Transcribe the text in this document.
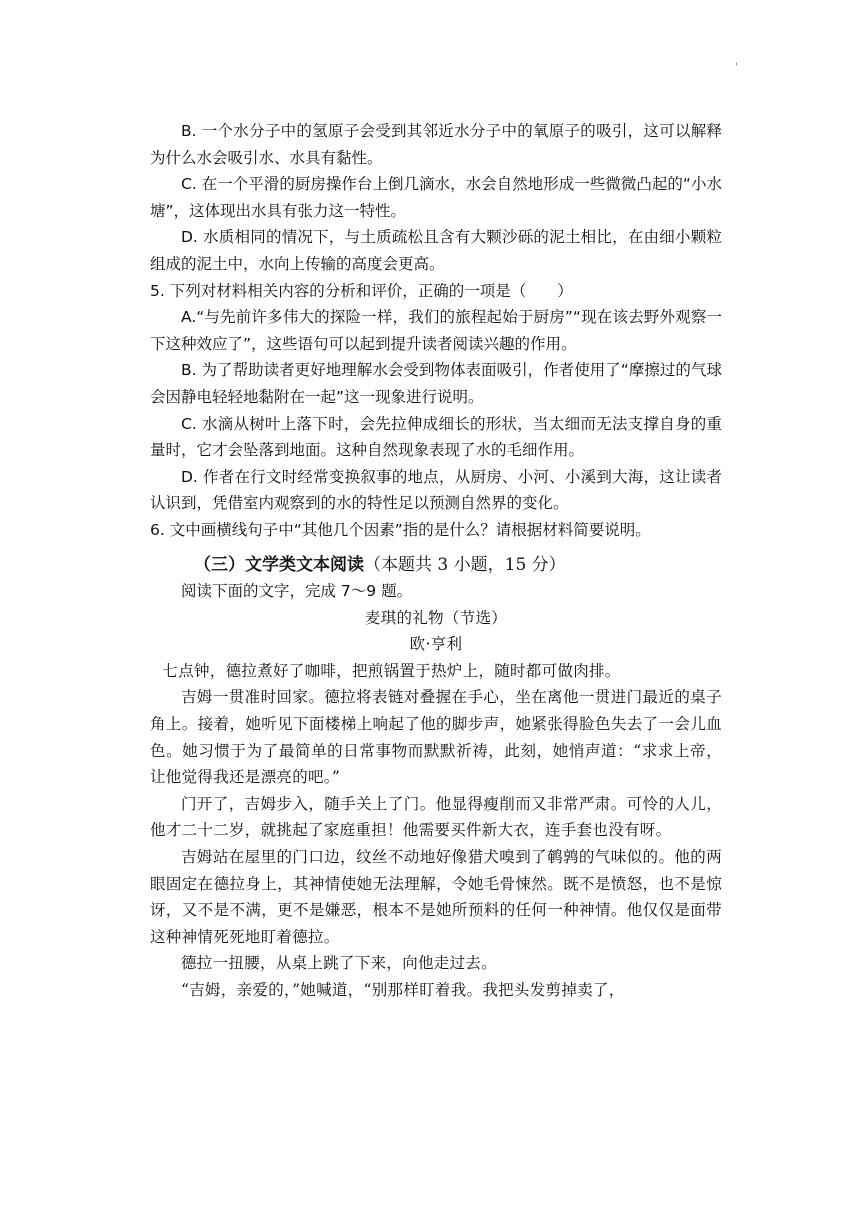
'

B. 一个水分子中的氢原子会受到其邻近水分子中的氧原子的吸引，这可以解释为什么水会吸引水、水具有黏性。

C. 在一个平滑的厨房操作台上倒几滴水，水会自然地形成一些微微凸起的“小水塘”，这体现出水具有张力这一特性。

D. 水质相同的情况下，与土质疏松且含有大颗沙砾的泥土相比，在由细小颗粒组成的泥土中，水向上传输的高度会更高。

5. 下列对材料相关内容的分析和评价，正确的一项是（　　）

A.“与先前许多伟大的探险一样，我们的旅程起始于厨房”“现在该去野外观察一下这种效应了”，这些语句可以起到提升读者阅读兴趣的作用。

B. 为了帮助读者更好地理解水会受到物体表面吸引，作者使用了“摩擦过的气球会因静电轻轻地黏附在一起”这一现象进行说明。

C. 水滴从树叶上落下时，会先拉伸成细长的形状，当太细而无法支撑自身的重量时，它才会坠落到地面。这种自然现象表现了水的毛细作用。

D. 作者在行文时经常变换叙事的地点，从厨房、小河、小溪到大海，这让读者认识到，凭借室内观察到的水的特性足以预测自然界的变化。

6. 文中画横线句子中“其他几个因素”指的是什么？请根据材料简要说明。

（三）文学类文本阅读（本题共 3 小题，15 分）

阅读下面的文字，完成 7～9 题。

麦琪的礼物（节选）

欧·亨利

七点钟，德拉煮好了咖啡，把煎锅置于热炉上，随时都可做肉排。

吉姆一贯准时回家。德拉将表链对叠握在手心，坐在离他一贯进门最近的桌子角上。接着，她听见下面楼梯上响起了他的脚步声，她紧张得脸色失去了一会儿血色。她习惯于为了最简单的日常事物而默默祈祷，此刻，她悄声道：“求求上帝，让他觉得我还是漂亮的吧。”

门开了，吉姆步入，随手关上了门。他显得瘦削而又非常严肃。可怜的人儿，他才二十二岁，就挑起了家庭重担！他需要买件新大衣，连手套也没有呀。

吉姆站在屋里的门口边，纹丝不动地好像猎犬嗅到了鹌鹑的气味似的。他的两眼固定在德拉身上，其神情使她无法理解，令她毛骨悚然。既不是愤怒，也不是惊讶，又不是不满，更不是嫌恶，根本不是她所预料的任何一种神情。他仅仅是面带这种神情死死地盯着德拉。

德拉一扭腰，从桌上跳了下来，向他走过去。

“吉姆，亲爱的，”她喊道，“别那样盯着我。我把头发剪掉卖了，
